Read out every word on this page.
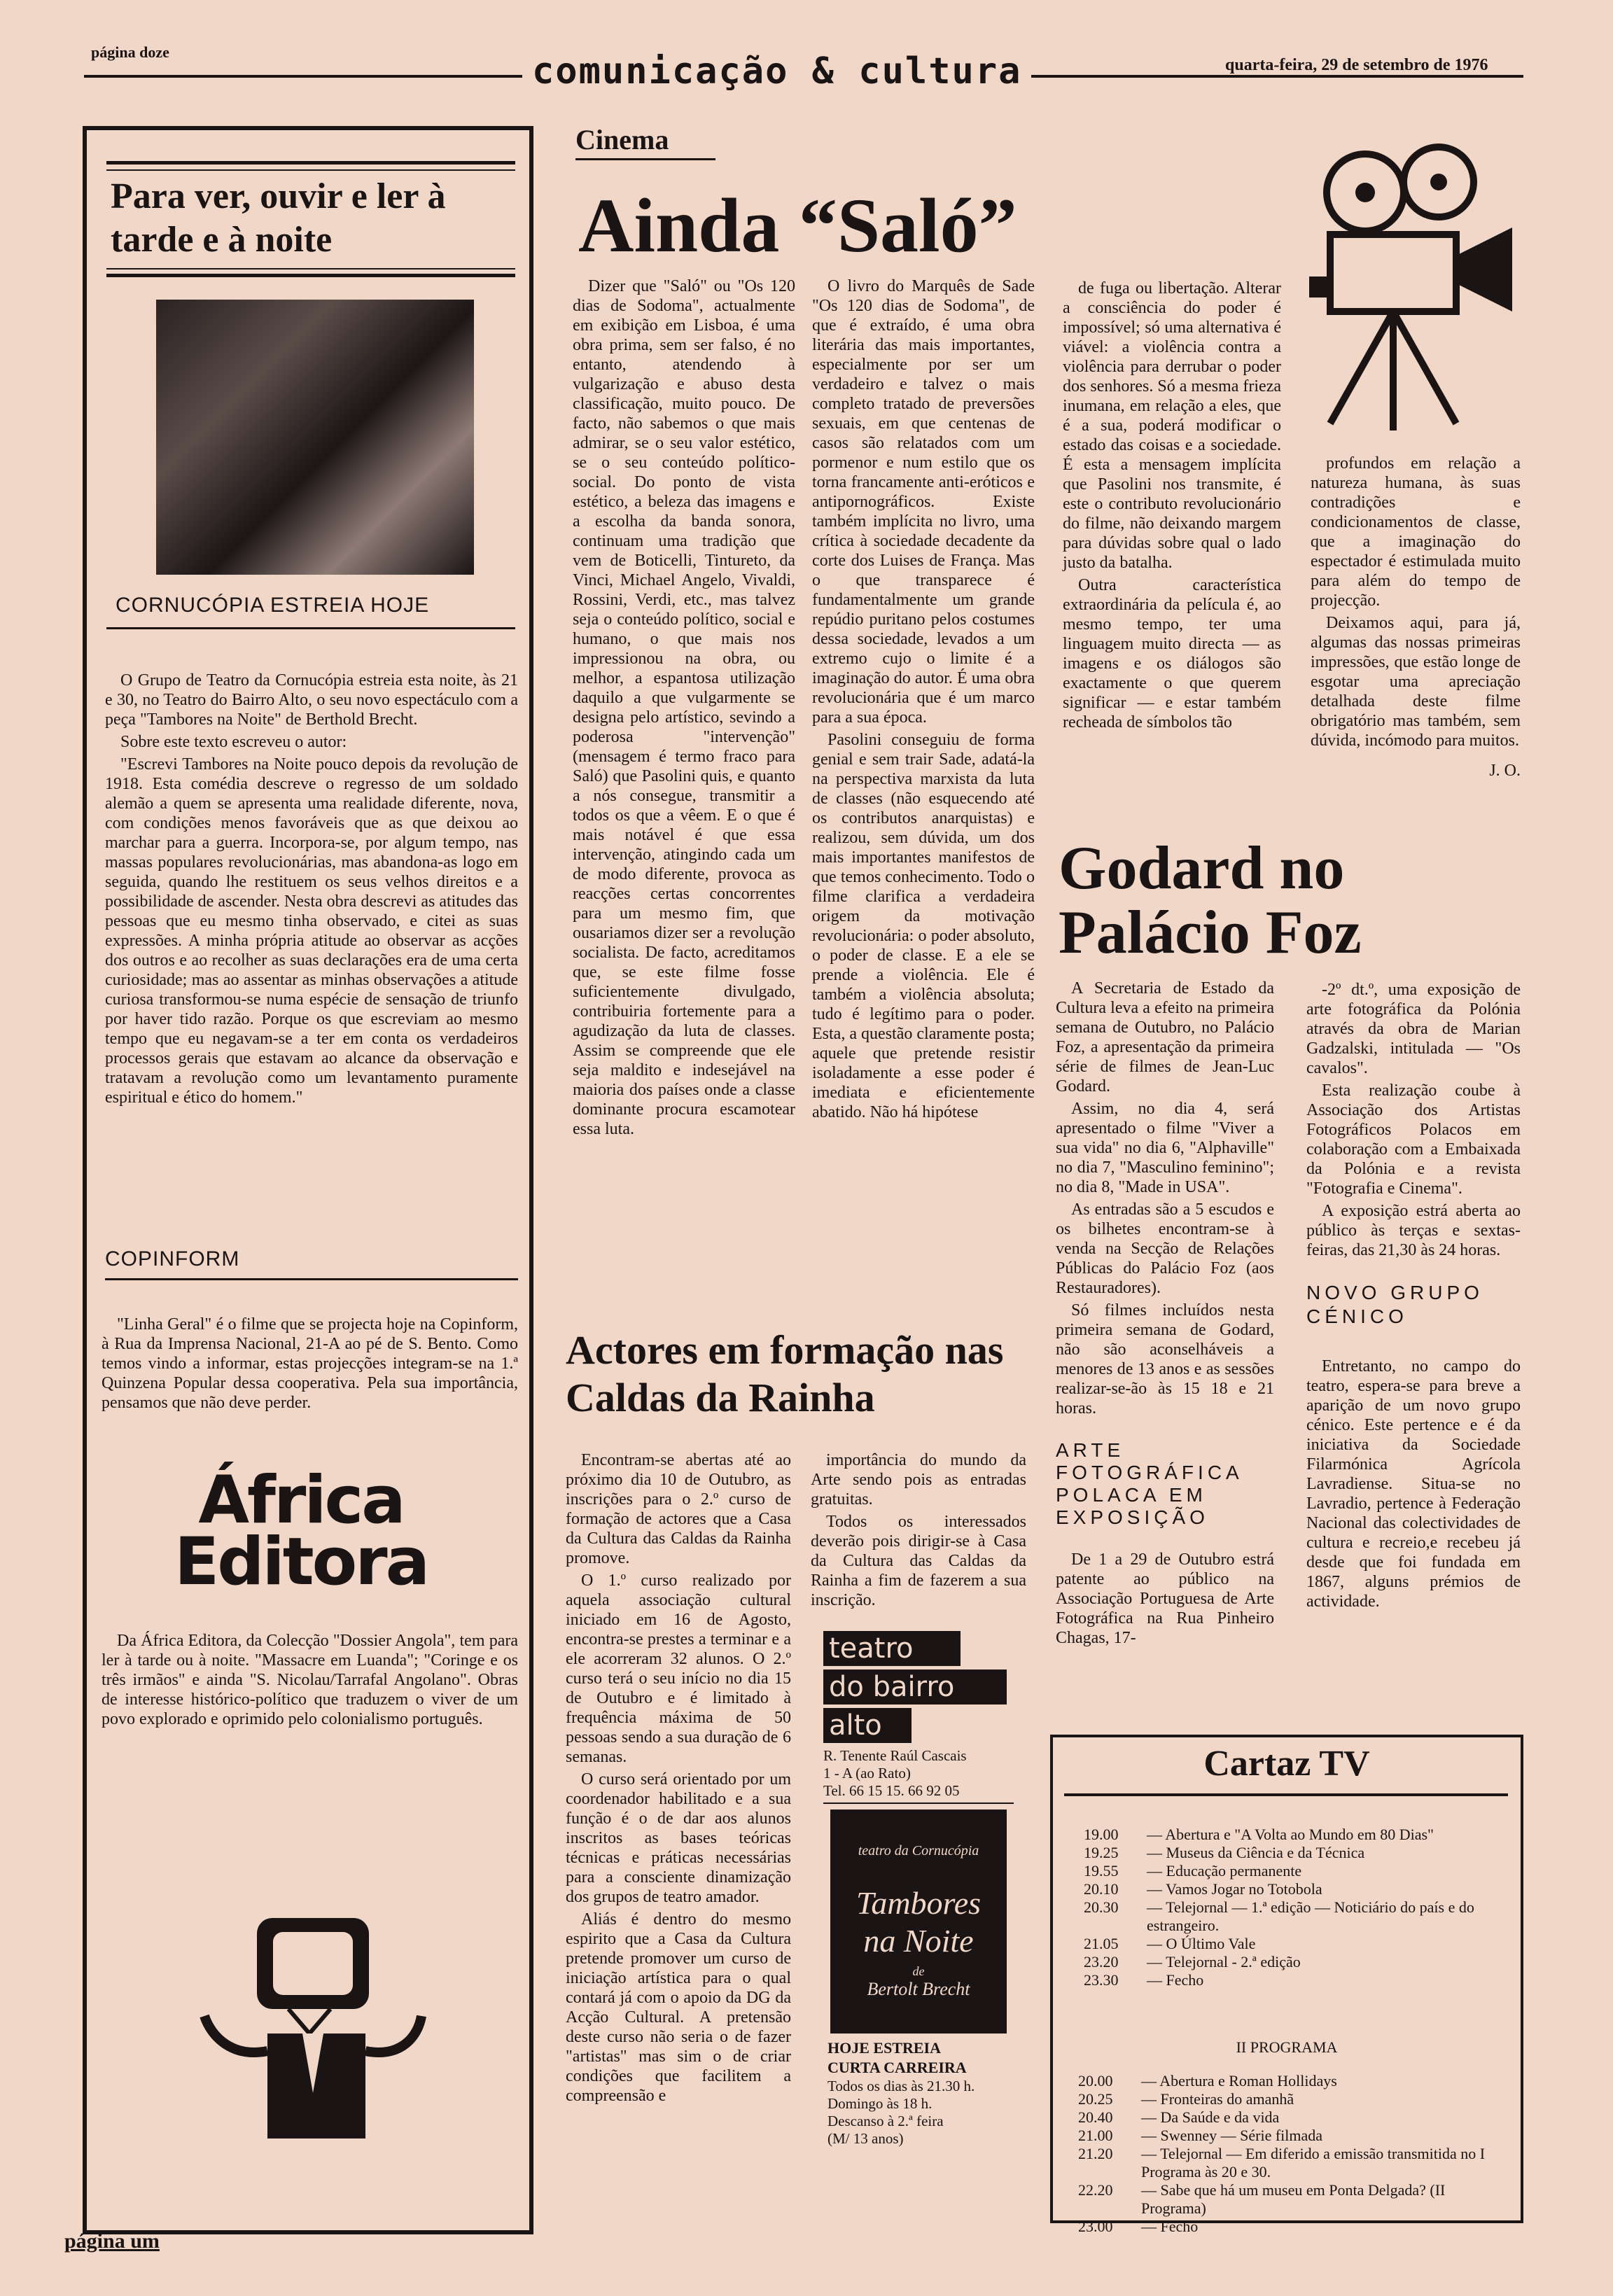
página doze	comunicação & cultura	quarta-feira, 29 de setembro de 1976
Para ver, ouvir e ler à tarde e à noite
CORNUCÓPIA ESTREIA HOJE

O Grupo de Teatro da Cornucópia estreia esta noite, às 21 e 30, no Teatro do Bairro Alto, o seu novo espectáculo com a peça "Tambores na Noite" de Berthold Brecht.

Sobre este texto escreveu o autor:

"Escrevi Tambores na Noite pouco depois da revolução de 1918. Esta comédia descreve o regresso de um soldado alemão a quem se apresenta uma realidade diferente, nova, com condições menos favoráveis que as que deixou ao marchar para a guerra. Incorpora-se, por algum tempo, nas massas populares revolucionárias, mas abandona-as logo em seguida, quando lhe restituem os seus velhos direitos e a possibilidade de ascender. Nesta obra descrevi as atitudes das pessoas que eu mesmo tinha observado, e citei as suas expressões. A minha própria atitude ao observar as acções dos outros e ao recolher as suas declarações era de uma certa curiosidade; mas ao assentar as minhas observações a atitude curiosa transformou-se numa espécie de sensação de triunfo por haver tido razão. Porque os que escreviam ao mesmo tempo que eu negavam-se a ter em conta os verdadeiros processos gerais que estavam ao alcance da observação e tratavam a revolução como um levantamento puramente espiritual e ético do homem."

COPINFORM

"Linha Geral" é o filme que se projecta hoje na Copinform, à Rua da Imprensa Nacional, 21-A ao pé de S. Bento. Como temos vindo a informar, estas projecções integram-se na 1.ª Quinzena Popular dessa cooperativa. Pela sua importância, pensamos que não deve perder.

África
Editora

Da África Editora, da Colecção "Dossier Angola", tem para ler à tarde ou à noite. "Massacre em Luanda"; "Coringe e os três irmãos" e ainda "S. Nicolau/Tarrafal Angolano". Obras de interesse histórico-político que traduzem o viver de um povo explorado e oprimido pelo colonialismo português.

página um
Cinema
Ainda “Saló”

Dizer que "Saló" ou "Os 120 dias de Sodoma", actualmente em exibição em Lisboa, é uma obra prima, sem ser falso, é no entanto, atendendo à vulgarização e abuso desta classificação, muito pouco. De facto, não sabemos o que mais admirar, se o seu valor estético, se o seu conteúdo político-social. Do ponto de vista estético, a beleza das imagens e a escolha da banda sonora, continuam uma tradição que vem de Boticelli, Tintureto, da Vinci, Michael Angelo, Vivaldi, Rossini, Verdi, etc., mas talvez seja o conteúdo político, social e humano, o que mais nos impressionou na obra, ou melhor, a espantosa utilização daquilo a que vulgarmente se designa pelo artístico, sevindo a poderosa "intervenção" (mensagem é termo fraco para Saló) que Pasolini quis, e quanto a nós consegue, transmitir a todos os que a vêem. E o que é mais notável é que essa intervenção, atingindo cada um de modo diferente, provoca as reacções certas concorrentes para um mesmo fim, que ousariamos dizer ser a revolução socialista. De facto, acreditamos que, se este filme fosse suficientemente divulgado, contribuiria fortemente para a agudização da luta de classes. Assim se compreende que ele seja maldito e indesejável na maioria dos países onde a classe dominante procura escamotear essa luta.

O livro do Marquês de Sade "Os 120 dias de Sodoma", de que é extraído, é uma obra literária das mais importantes, especialmente por ser um verdadeiro e talvez o mais completo tratado de preversões sexuais, em que centenas de casos são relatados com um pormenor e num estilo que os torna francamente anti-eróticos e antipornográficos. Existe também implícita no livro, uma crítica à sociedade decadente da corte dos Luises de França. Mas o que transparece é fundamentalmente um grande repúdio puritano pelos costumes dessa sociedade, levados a um extremo cujo o limite é a imaginação do autor. É uma obra revolucionária que é um marco para a sua época.

Pasolini conseguiu de forma genial e sem trair Sade, adatá-la na perspectiva marxista da luta de classes (não esquecendo até os contributos anarquistas) e realizou, sem dúvida, um dos mais importantes manifestos de que temos conhecimento. Todo o filme clarifica a verdadeira origem da motivação revolucionária: o poder absoluto, o poder de classe. E a ele se prende a violência. Ele é também a violência absoluta; tudo é legítimo para o poder. Esta, a questão claramente posta; aquele que pretende resistir isoladamente a esse poder é imediata e eficientemente abatido. Não há hipótese

de fuga ou libertação. Alterar a consciência do poder é impossível; só uma alternativa é viável: a violência contra a violência para derrubar o poder dos senhores. Só a mesma frieza inumana, em relação a eles, que é a sua, poderá modificar o estado das coisas e a sociedade. É esta a mensagem implícita que Pasolini nos transmite, é este o contributo revolucionário do filme, não deixando margem para dúvidas sobre qual o lado justo da batalha.

Outra característica extraordinária da película é, ao mesmo tempo, ter uma linguagem muito directa — as imagens e os diálogos são exactamente o que querem significar — e estar também recheada de símbolos tão

profundos em relação a natureza humana, às suas contradições e condicionamentos de classe, que a imaginação do espectador é estimulada muito para além do tempo de projecção.

Deixamos aqui, para já, algumas das nossas primeiras impressões, que estão longe de esgotar uma apreciação detalhada deste filme obrigatório mas também, sem dúvida, incómodo para muitos.

J. O.
Actores em formação nas Caldas da Rainha

Encontram-se abertas até ao próximo dia 10 de Outubro, as inscrições para o 2.º curso de formação de actores que a Casa da Cultura das Caldas da Rainha promove.

O 1.º curso realizado por aquela associação cultural iniciado em 16 de Agosto, encontra-se prestes a terminar e a ele acorreram 32 alunos. O 2.º curso terá o seu início no dia 15 de Outubro e é limitado à frequência máxima de 50 pessoas sendo a sua duração de 6 semanas.

O curso será orientado por um coordenador habilitado e a sua função é o de dar aos alunos inscritos as bases teóricas técnicas e práticas necessárias para a consciente dinamização dos grupos de teatro amador.

Aliás é dentro do mesmo espirito que a Casa da Cultura pretende promover um curso de iniciação artística para o qual contará já com o apoio da DG da Acção Cultural. A pretensão deste curso não seria o de fazer "artistas" mas sim o de criar condições que facilitem a compreensão e

importância do mundo da Arte sendo pois as entradas gratuitas.

Todos os interessados deverão pois dirigir-se à Casa da Cultura das Caldas da Rainha a fim de fazerem a sua inscrição.

teatro
do bairro
alto
R. Tenente Raúl Cascais
1 - A (ao Rato)
Tel. 66 15 15. 66 92 05
teatro da Cornucópia
Tambores
na Noite
de
Bertolt Brecht
HOJE ESTREIA
CURTA CARREIRA
Todos os dias às 21.30 h.
Domingo às 18 h.
Descanso à 2.ª feira
(M/ 13 anos)
Godard no Palácio Foz

A Secretaria de Estado da Cultura leva a efeito na primeira semana de Outubro, no Palácio Foz, a apresentação da primeira série de filmes de Jean-Luc Godard.

Assim, no dia 4, será apresentado o filme "Viver a sua vida" no dia 6, "Alphaville" no dia 7, "Masculino feminino"; no dia 8, "Made in USA".

As entradas são a 5 escudos e os bilhetes encontram-se à venda na Secção de Relações Públicas do Palácio Foz (aos Restauradores).

Só filmes incluídos nesta primeira semana de Godard, não são aconselháveis a menores de 13 anos e as sessões realizar-se-ão às 15 18 e 21 horas.

ARTE FOTOGRÁFICA POLACA EM EXPOSIÇÃO

De 1 a 29 de Outubro estrá patente ao público na Associação Portuguesa de Arte Fotográfica na Rua Pinheiro Chagas, 17-

-2º dt.º, uma exposição de arte fotográfica da Polónia através da obra de Marian Gadzalski, intitulada — "Os cavalos".

Esta realização coube à Associação dos Artistas Fotográficos Polacos em colaboração com a Embaixada da Polónia e a revista "Fotografia e Cinema".

A exposição estrá aberta ao público às terças e sextas-feiras, das 21,30 às 24 horas.

NOVO GRUPO CÉNICO

Entretanto, no campo do teatro, espera-se para breve a aparição de um novo grupo cénico. Este pertence e é da iniciativa da Sociedade Filarmónica Agrícola Lavradiense. Situa-se no Lavradio, pertence à Federação Nacional das colectividades de cultura e recreio,e recebeu já desde que foi fundada em 1867, alguns prémios de actividade.

Cartaz TV
19.00	— Abertura e "A Volta ao Mundo em 80 Dias"
19.25	— Museus da Ciência e da Técnica
19.55	— Educação permanente
20.10	— Vamos Jogar no Totobola
20.30	— Telejornal — 1.ª edição — Noticiário do país e do estrangeiro.
21.05	— O Último Vale
23.20	— Telejornal - 2.ª edição
23.30	— Fecho
II PROGRAMA
20.00	— Abertura e Roman Hollidays
20.25	— Fronteiras do amanhã
20.40	— Da Saúde e da vida
21.00	— Swenney — Série filmada
21.20	— Telejornal — Em diferido a emissão transmitida no I Programa às 20 e 30.
22.20	— Sabe que há um museu em Ponta Delgada? (II Programa)
23.00	— Fecho
